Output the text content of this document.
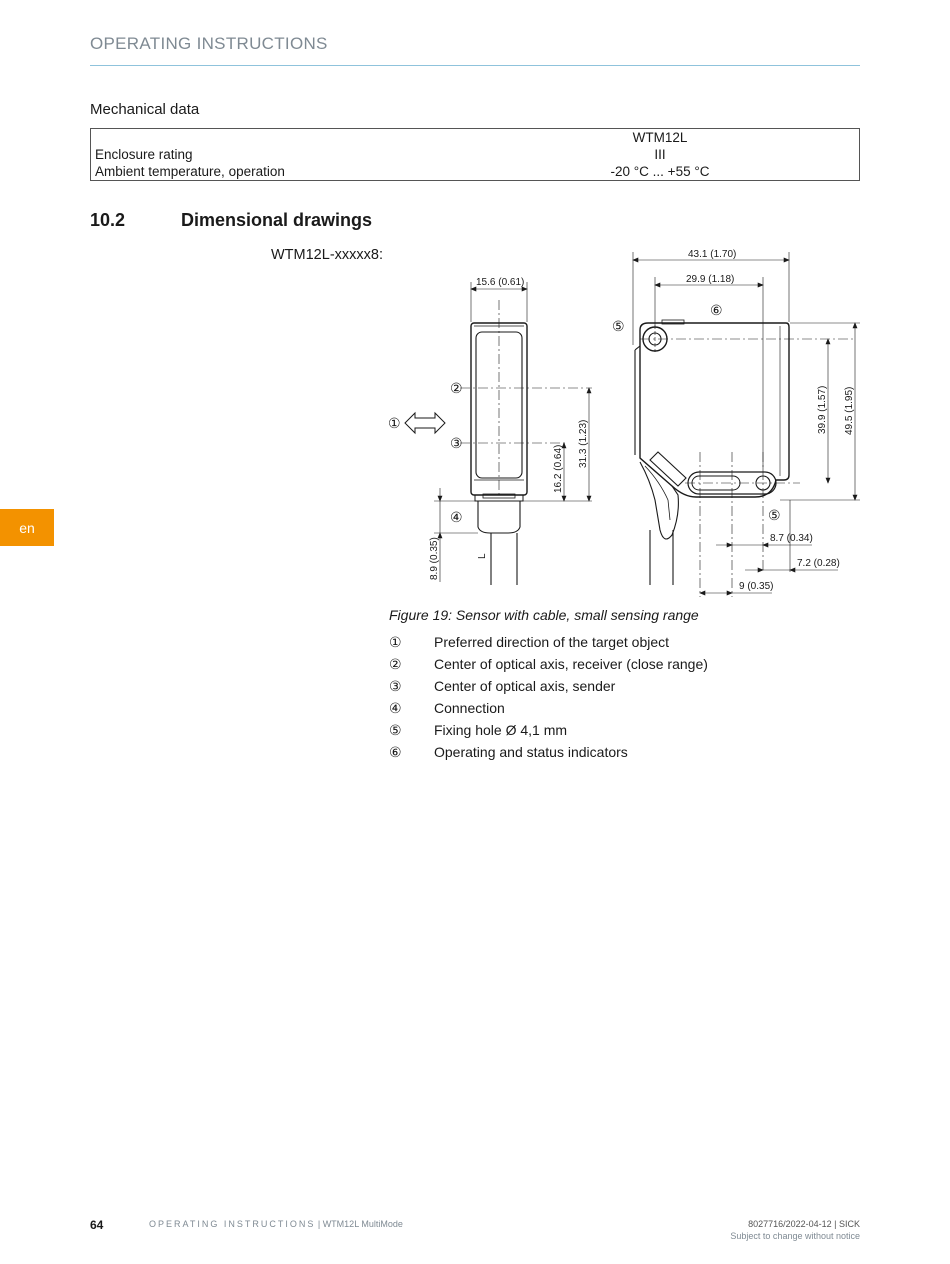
OPERATING INSTRUCTIONS
Mechanical data
	WTM12L
Enclosure rating	III
Ambient temperature, operation	-20 °C ... +55 °C
10.2	Dimensional drawings
WTM12L-xxxxx8:
①
②
③
④
⑤
⑤
⑥
15.6 (0.61)
43.1 (1.70)
29.9 (1.18)
8.7 (0.34)
7.2 (0.28)
9 (0.35)
39.9 (1.57) 49.5 (1.95)
31.3 (1.23)
16.2 (0.64)
8.9 (0.35)	L
Figure 19: Sensor with cable, small sensing range
①	Preferred direction of the target object
②	Center of optical axis, receiver (close range)
③	Center of optical axis, sender
④	Connection
⑤	Fixing hole Ø 4,1 mm
⑥	Operating and status indicators
en
64	OPERATING INSTRUCTIONS | WTM12L MultiMode	8027716/2022-04-12 | SICK
Subject to change without notice
